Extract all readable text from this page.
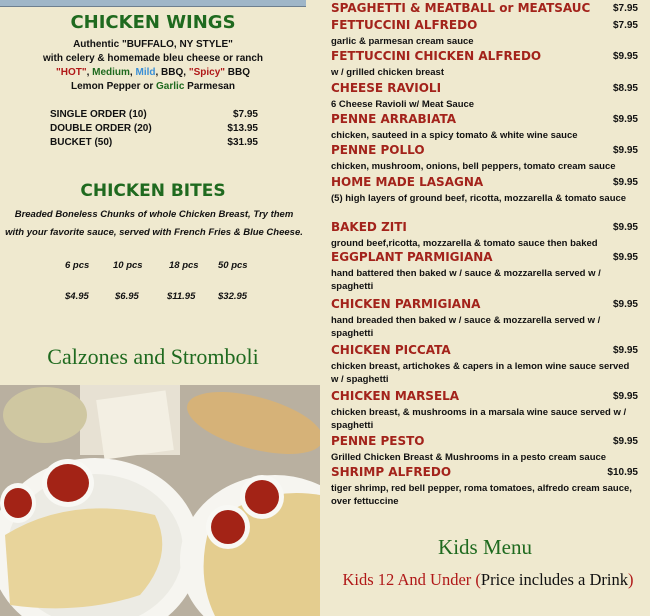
CHICKEN WINGS
Authentic "BUFFALO, NY STYLE"
with celery & homemade bleu cheese or ranch
"HOT", Medium, Mild, BBQ, "Spicy" BBQ
Lemon Pepper or Garlic Parmesan
SINGLE ORDER (10)	$7.95
DOUBLE ORDER (20)	$13.95
BUCKET (50)	$31.95
CHICKEN BITES
Breaded Boneless Chunks of whole Chicken Breast, Try them with your favorite sauce, served with French Fries & Blue Cheese.
6 pcs 10 pcs	18 pcs 50 pcs
$4.95	$6.95	$11.95 $32.95
Calzones and Stromboli
SPAGHETTI & MEATBALL or MEATSAUC $7.95
FETTUCCINI ALFREDO	$7.95
garlic & parmesan cream sauce
FETTUCCINI CHICKEN ALFREDO	$9.95
w / grilled chicken breast
CHEESE RAVIOLI	$8.95
6 Cheese Ravioli w/ Meat Sauce
PENNE ARRABIATA	$9.95
chicken, sauteed in a spicy tomato & white wine sauce
PENNE POLLO	$9.95
chicken, mushroom, onions, bell peppers, tomato cream sauce
HOME MADE LASAGNA	$9.95
(5) high layers of ground beef, ricotta, mozzarella & tomato sauce
BAKED ZITI	$9.95
ground beef,ricotta, mozzarella & tomato sauce then baked
EGGPLANT PARMIGIANA	$9.95
hand battered then baked w / sauce & mozzarella served w / spaghetti
CHICKEN PARMIGIANA	$9.95
hand breaded then baked w / sauce & mozzarella served w / spaghetti
CHICKEN PICCATA	$9.95
chicken breast, artichokes & capers in a lemon wine sauce served        w / spaghetti
CHICKEN MARSELA	$9.95
chicken breast, & mushrooms in a marsala wine sauce served w / spaghetti
PENNE PESTO	$9.95
Grilled Chicken Breast & Mushrooms in a pesto cream sauce
SHRIMP ALFREDO	$10.95
tiger shrimp, red bell pepper, roma tomatoes, alfredo cream sauce, over fettuccine
Kids Menu
Kids 12 And Under (Price includes a Drink)
